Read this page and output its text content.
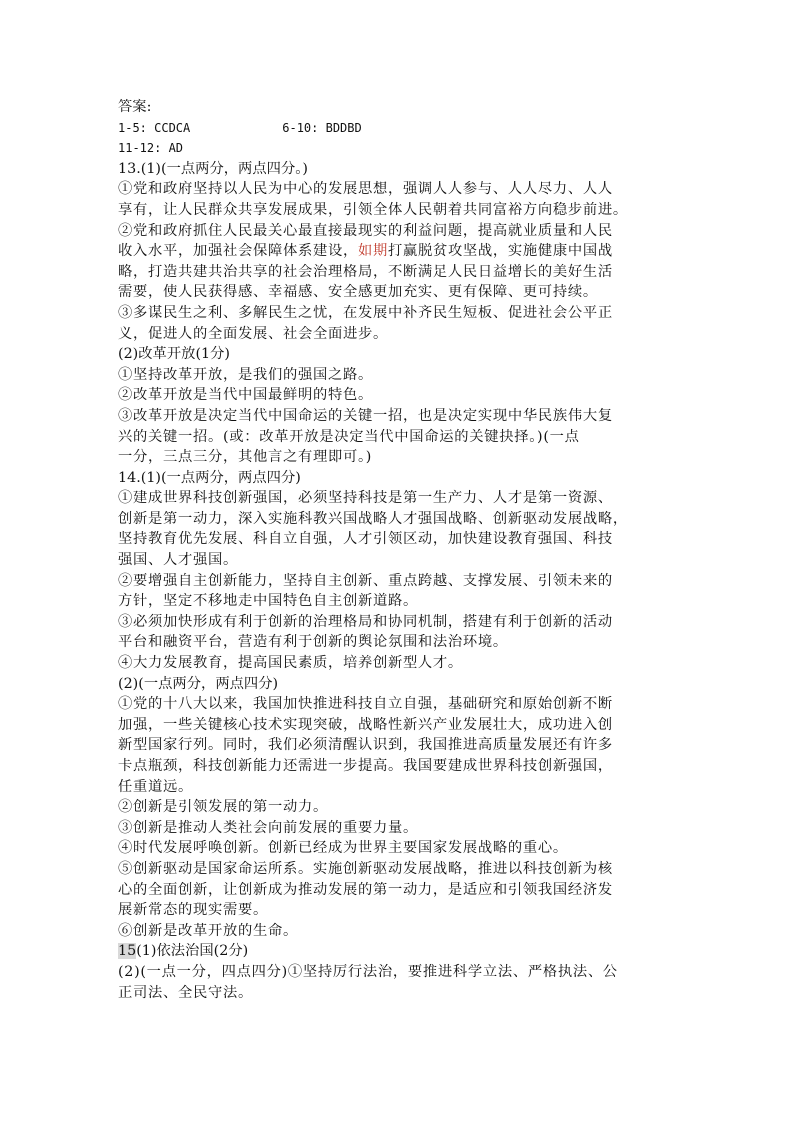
答案:
1-5: CCDCA	6-10: BDDBD
11-12: AD
13.(1)(一点两分，两点四分。)
①党和政府坚持以人民为中心的发展思想，强调人人参与、人人尽力、人人
享有，让人民群众共享发展成果，引领全体人民朝着共同富裕方向稳步前进。
②党和政府抓住人民最关心最直接最现实的利益问题，提高就业质量和人民
收入水平，加强社会保障体系建设，如期打赢脱贫攻坚战，实施健康中国战
略，打造共建共治共享的社会治理格局，不断满足人民日益增长的美好生活
需要，使人民获得感、幸福感、安全感更加充实、更有保障、更可持续。
③多谋民生之利、多解民生之忧，在发展中补齐民生短板、促进社会公平正
义，促进人的全面发展、社会全面进步。
(2)改革开放(1分)
①坚持改革开放，是我们的强国之路。
②改革开放是当代中国最鲜明的特色。
③改革开放是决定当代中国命运的关键一招，也是决定实现中华民族伟大复
兴的关键一招。(或：改革开放是决定当代中国命运的关键抉择。)(一点
一分，三点三分，其他言之有理即可。)
14.(1)(一点两分，两点四分)
①建成世界科技创新强国，必须坚持科技是第一生产力、人才是第一资源、
创新是第一动力，深入实施科教兴国战略人才强国战略、创新驱动发展战略，
坚持教育优先发展、科自立自强，人才引领区动，加快建设教育强国、科技
强国、人才强国。
②要增强自主创新能力，坚持自主创新、重点跨越、支撑发展、引领未来的
方针，坚定不移地走中国特色自主创新道路。
③必须加快形成有利于创新的治理格局和协同机制，搭建有利于创新的活动
平台和融资平台，营造有利于创新的舆论氛围和法治环境。
④大力发展教育，提高国民素质，培养创新型人才。
(2)(一点两分，两点四分)
①党的十八大以来，我国加快推进科技自立自强，基础研究和原始创新不断
加强，一些关键核心技术实现突破，战略性新兴产业发展壮大，成功进入创
新型国家行列。同时，我们必须清醒认识到，我国推进高质量发展还有许多
卡点瓶颈，科技创新能力还需进一步提高。我国要建成世界科技创新强国，
任重道远。
②创新是引领发展的第一动力。
③创新是推动人类社会向前发展的重要力量。
④时代发展呼唤创新。创新已经成为世界主要国家发展战略的重心。
⑤创新驱动是国家命运所系。实施创新驱动发展战略，推进以科技创新为核
心的全面创新，让创新成为推动发展的第一动力，是适应和引领我国经济发
展新常态的现实需要。
⑥创新是改革开放的生命。
15(1)依法治国(2分)
(2)(一点一分，四点四分)①坚持厉行法治，要推进科学立法、严格执法、公
正司法、全民守法。
